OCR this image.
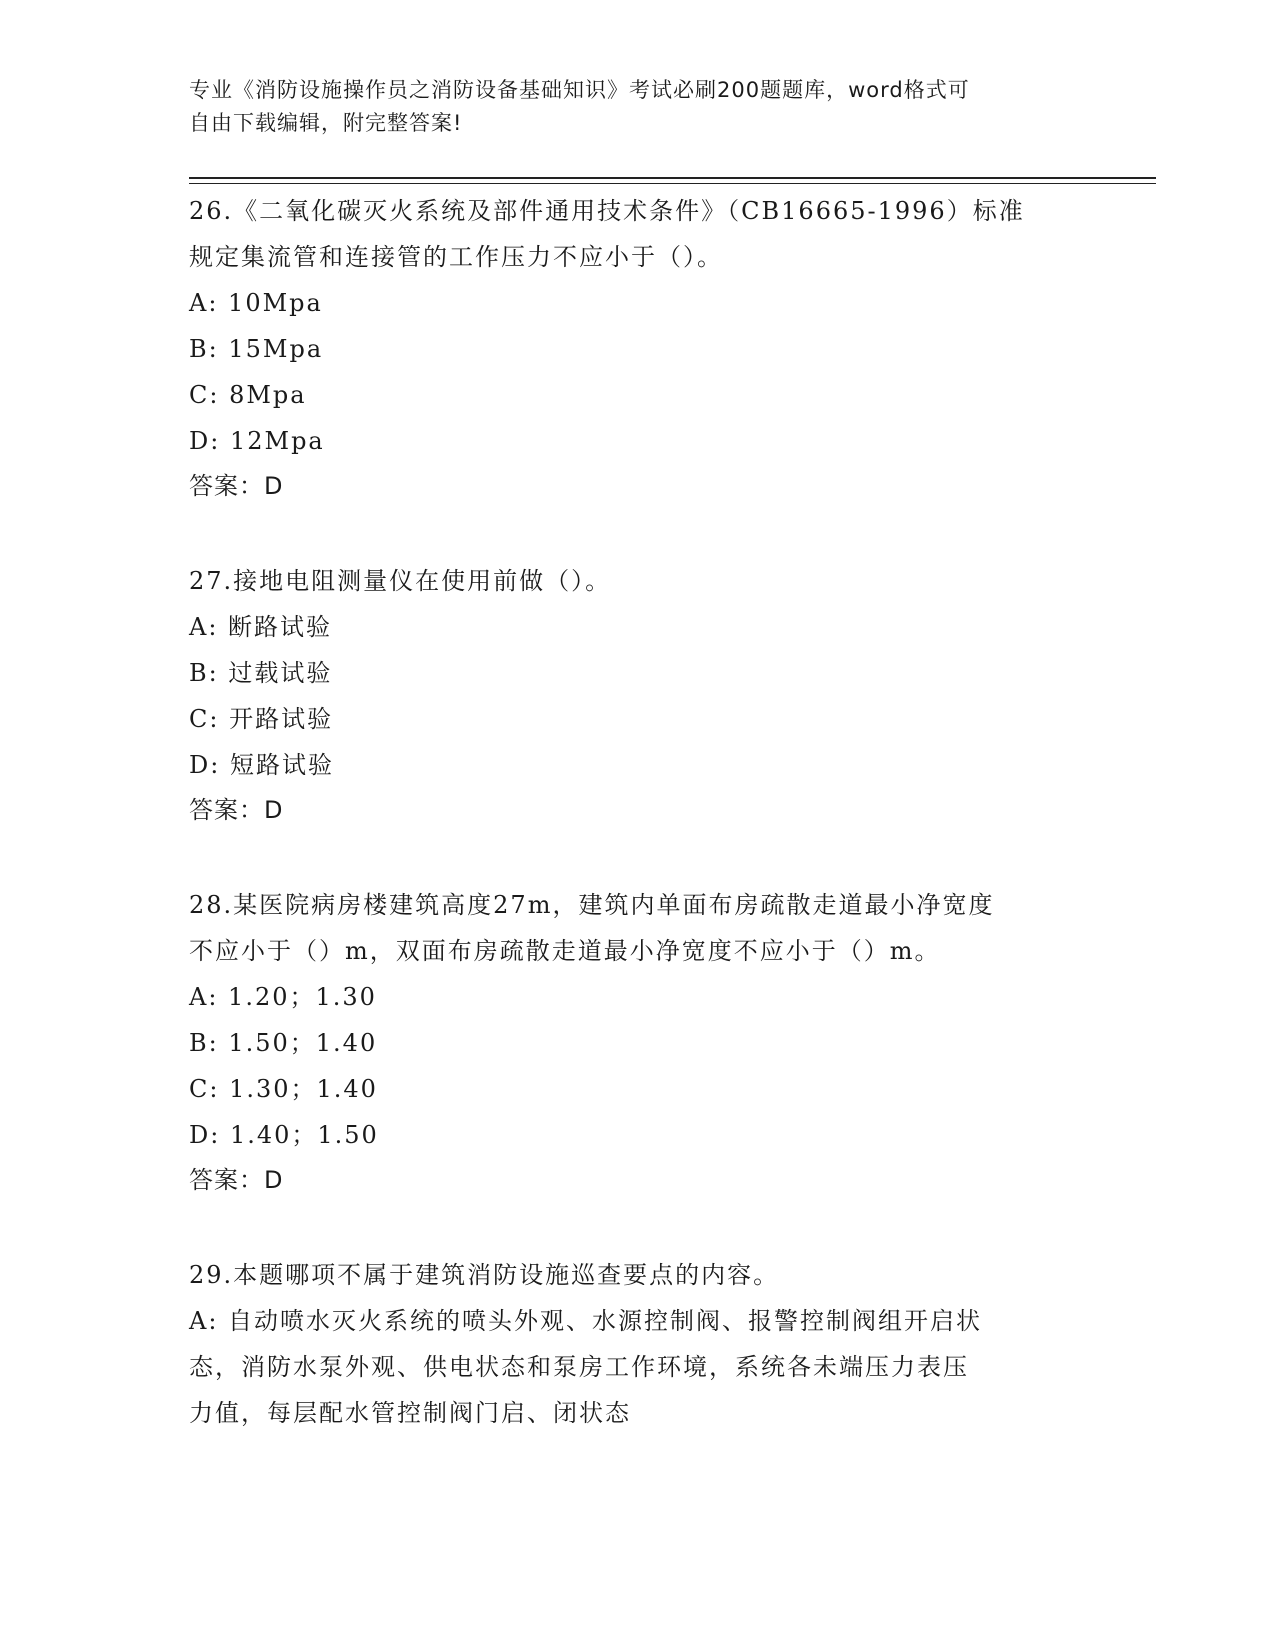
专业《消防设施操作员之消防设备基础知识》考试必刷200题题库，word格式可
自由下载编辑，附完整答案!
26.《二氧化碳灭火系统及部件通用技术条件》（CB16665-1996）标准
规定集流管和连接管的工作压力不应小于（）。
A: 10Mpa
B: 15Mpa
C: 8Mpa
D: 12Mpa
答案：D
27.接地电阻测量仪在使用前做（）。
A: 断路试验
B: 过载试验
C: 开路试验
D: 短路试验
答案：D
28.某医院病房楼建筑高度27m，建筑内单面布房疏散走道最小净宽度
不应小于（）m，双面布房疏散走道最小净宽度不应小于（）m。
A: 1.20；1.30
B: 1.50；1.40
C: 1.30；1.40
D: 1.40；1.50
答案：D
29.本题哪项不属于建筑消防设施巡查要点的内容。
A: 自动喷水灭火系统的喷头外观、水源控制阀、报警控制阀组开启状
态，消防水泵外观、供电状态和泵房工作环境，系统各未端压力表压
力值，每层配水管控制阀门启、闭状态
